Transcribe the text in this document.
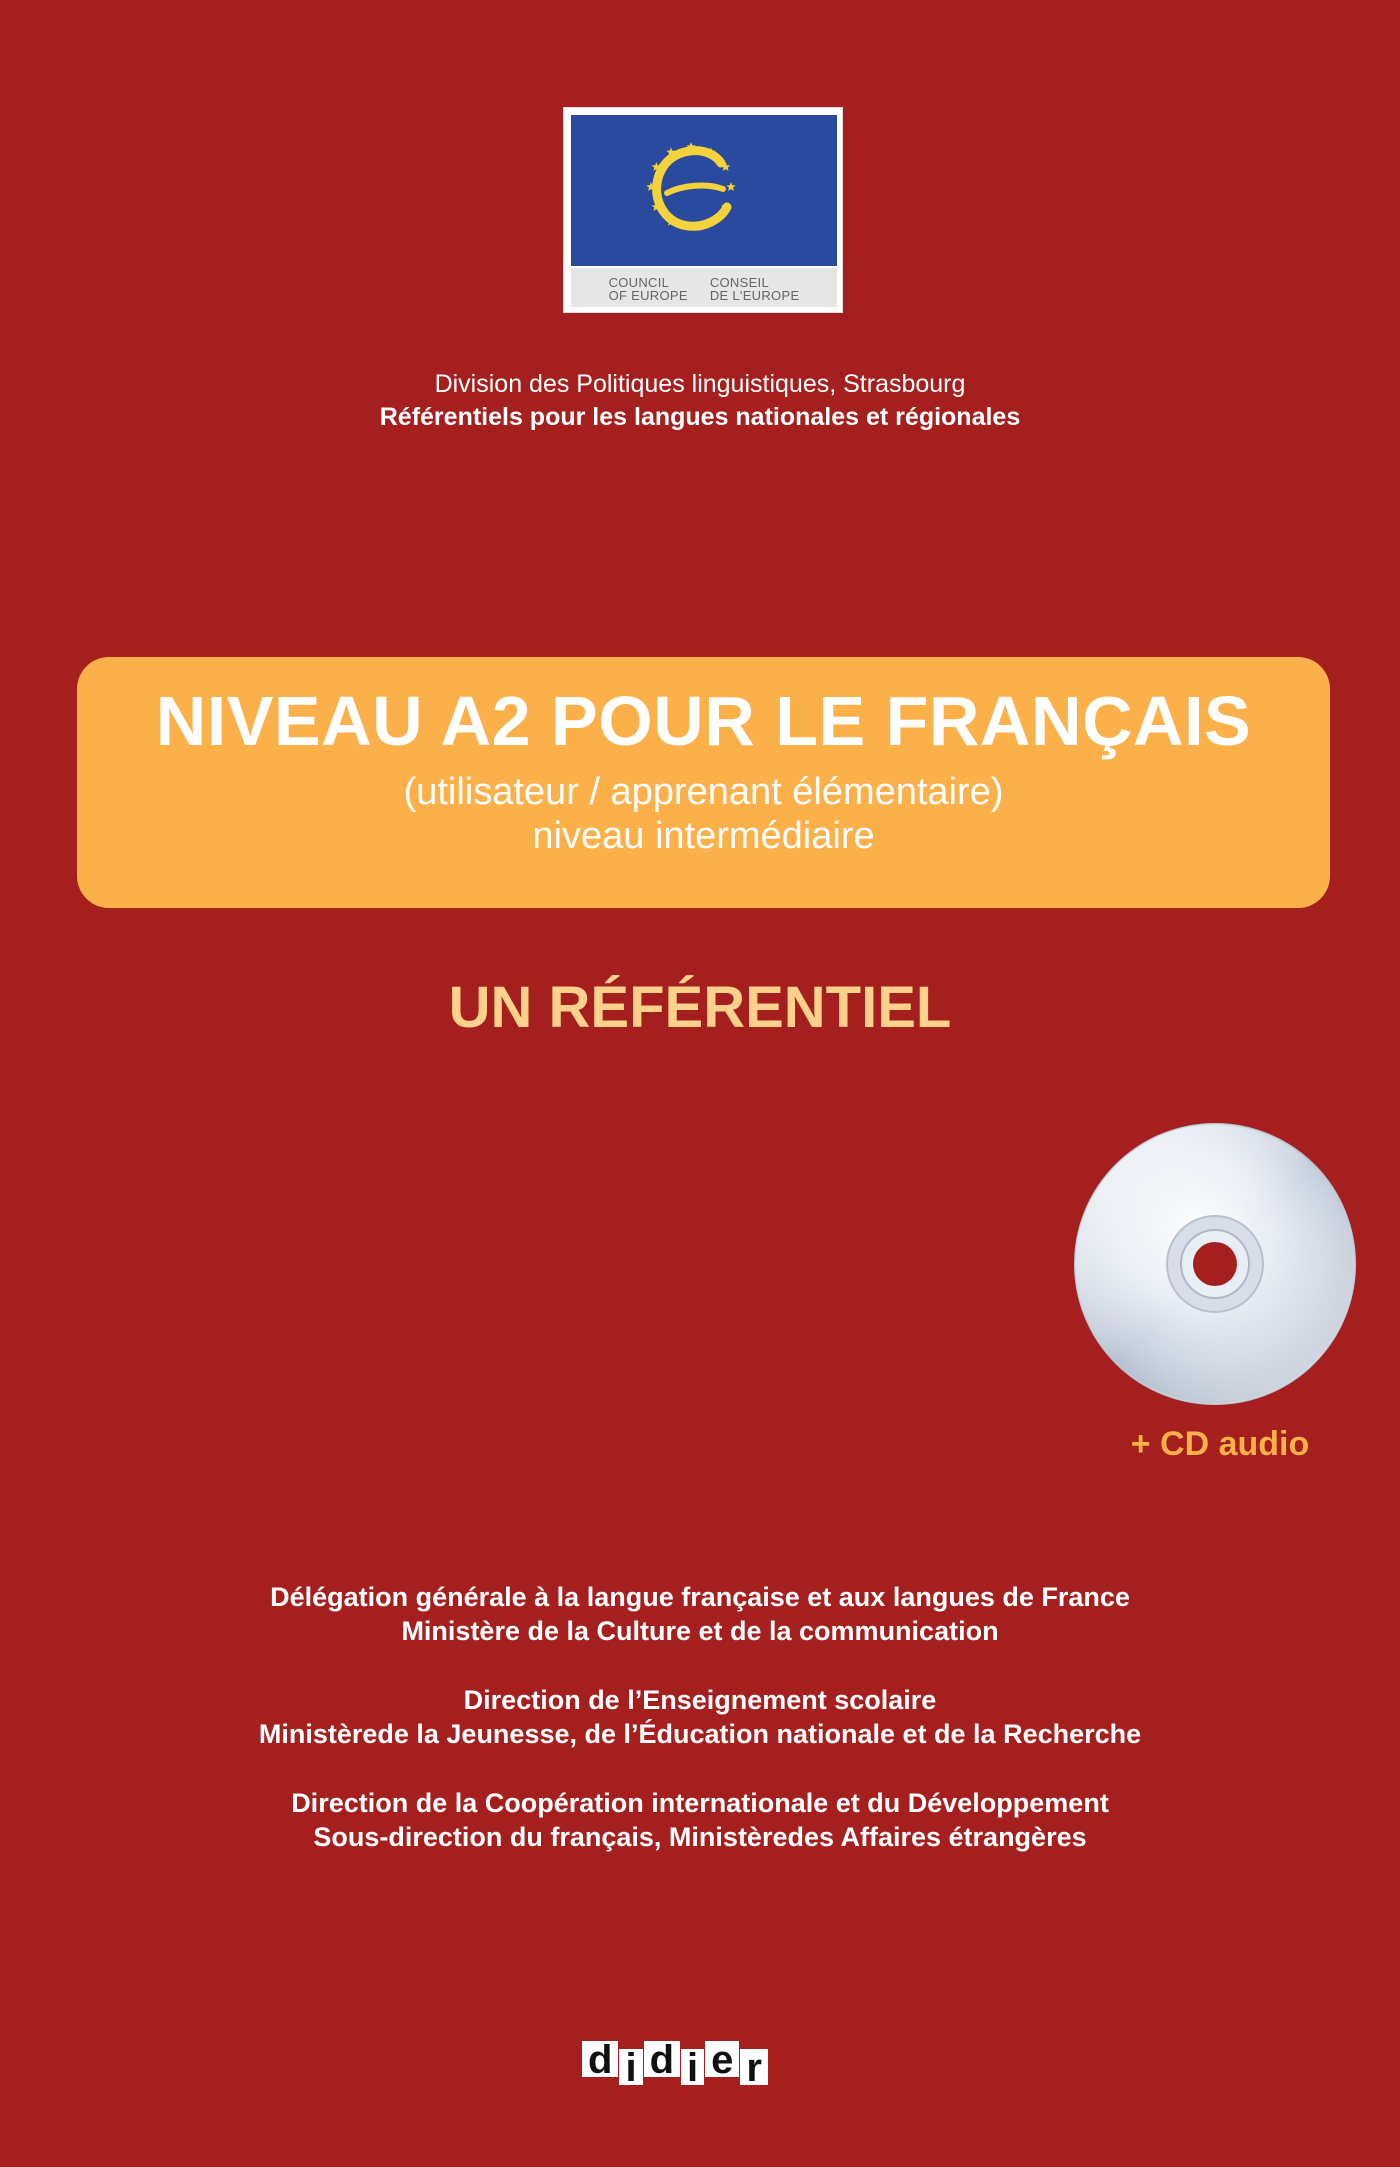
COUNCIL
OF EUROPE
CONSEIL
DE L'EUROPE
Division des Politiques linguistiques, Strasbourg
Référentiels pour les langues nationales et régionales
NIVEAU A2 POUR LE FRANÇAIS
(utilisateur / apprenant élémentaire)
niveau intermédiaire
UN RÉFÉRENTIEL
+ CD audio
Délégation générale à la langue française et aux langues de France
Ministère de la Culture et de la communication
Direction de l’Enseignement scolaire
Ministèrede la Jeunesse, de l’Éducation nationale et de la Recherche
Direction de la Coopération internationale et du Développement
Sous-direction du français, Ministèredes Affaires étrangères
d i d i e r
